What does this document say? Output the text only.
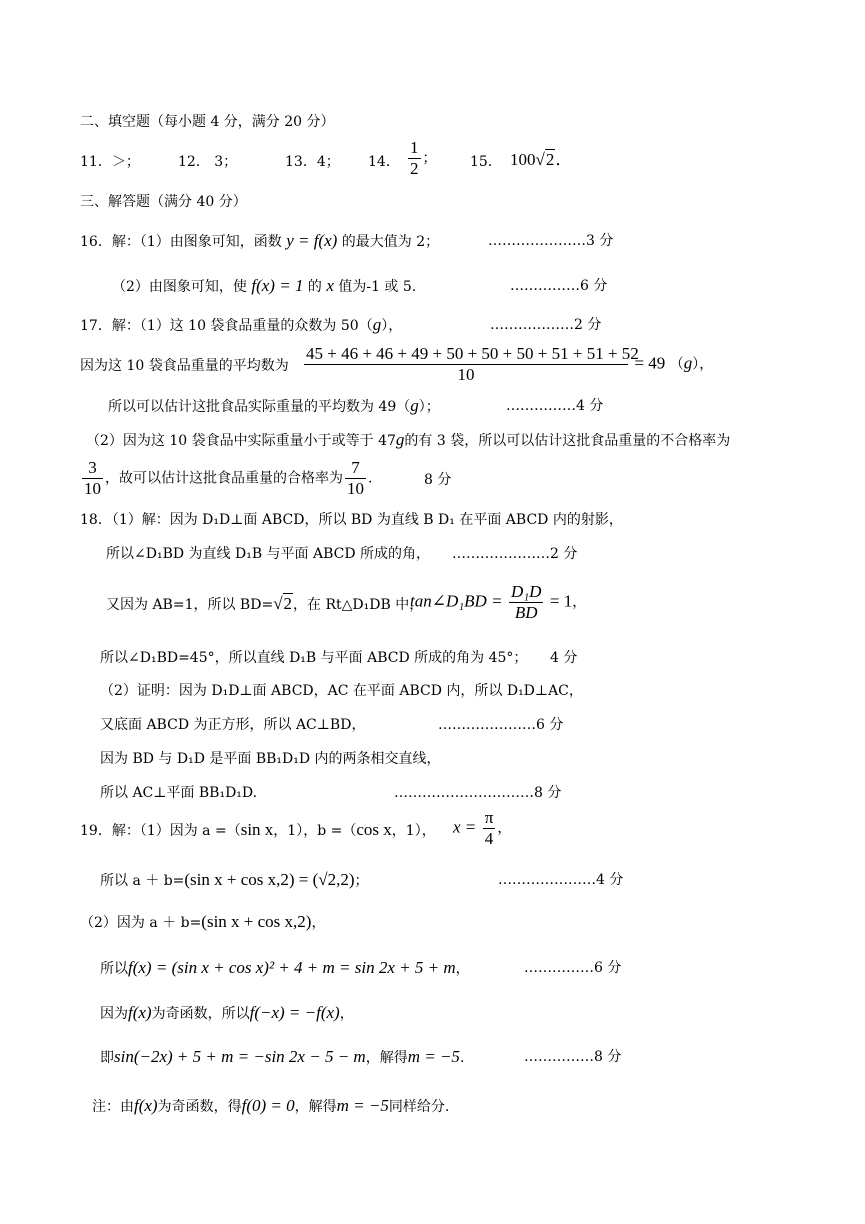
二、填空题（每小题 4 分，满分 20 分）
11．＞；	12． 3；	13．4； 14． $\frac{1}{2}$ ； 15． 100√2．
三、解答题（满分 40 分）
16．解：（1）由图象可知，函数 y = f(x) 的最大值为 2；	…………………3 分
（2）由图象可知，使 f(x) = 1 的 x 值为-1 或 5.	……………6 分
17．解：（1）这 10 袋食品重量的众数为 50（g），	………………2 分
因为这 10 袋食品重量的平均数为 $\frac{45 + 46 + 46 + 49 + 50 + 50 + 50 + 51 + 51 + 52}{10} = 49$ （g），
所以可以估计这批食品实际重量的平均数为 49（g）；	……………4 分
（2）因为这 10 袋食品中实际重量小于或等于 47g的有 3 袋，所以可以估计这批食品重量的不合格率为
$\frac{3}{10}$ ，故可以估计这批食品重量的合格率为 $\frac{7}{10}$ .	8 分
18．（1）解：因为 D₁D⊥面 ABCD，所以 BD 为直线 B D₁ 在平面 ABCD 内的射影，
所以∠D₁BD 为直线 D₁B 与平面 ABCD 所成的角， …………………2 分
又因为 AB=1，所以 BD=√2，在 Rt△D₁DB 中，
tan∠D₁BD = $\frac{\text{D₁D}}{BD} = 1$，
所以∠D₁BD=45°，所以直线 D₁B 与平面 ABCD 所成的角为 45°； 4 分
（2）证明：因为 D₁D⊥面 ABCD，AC 在平面 ABCD 内，所以 D₁D⊥AC，
又底面 ABCD 为正方形，所以 AC⊥BD，	…………………6 分
因为 BD 与 D₁D 是平面 BB₁D₁D 内的两条相交直线，
所以 AC⊥平面 BB₁D₁D.	…………………………8 分
19．解：（1）因为 a =（sin x，1），b =（cos x，1）， $x = \frac{\pi}{4}$ ，
所以 a ＋ b=(sin x + cos x,2) = (√2,2)；	…………………4 分
（2）因为 a ＋ b=(sin x + cos x,2)，
所以f(x) = (sin x + cos x)² + 4 + m = sin 2x + 5 + m，	……………6 分
因为f(x)为奇函数，所以f(−x) = −f(x)，
即sin(−2x) + 5 + m = −sin 2x − 5 − m，解得m = −5.	……………8 分
注：由f(x)为奇函数，得f(0) = 0，解得m = −5同样给分.
